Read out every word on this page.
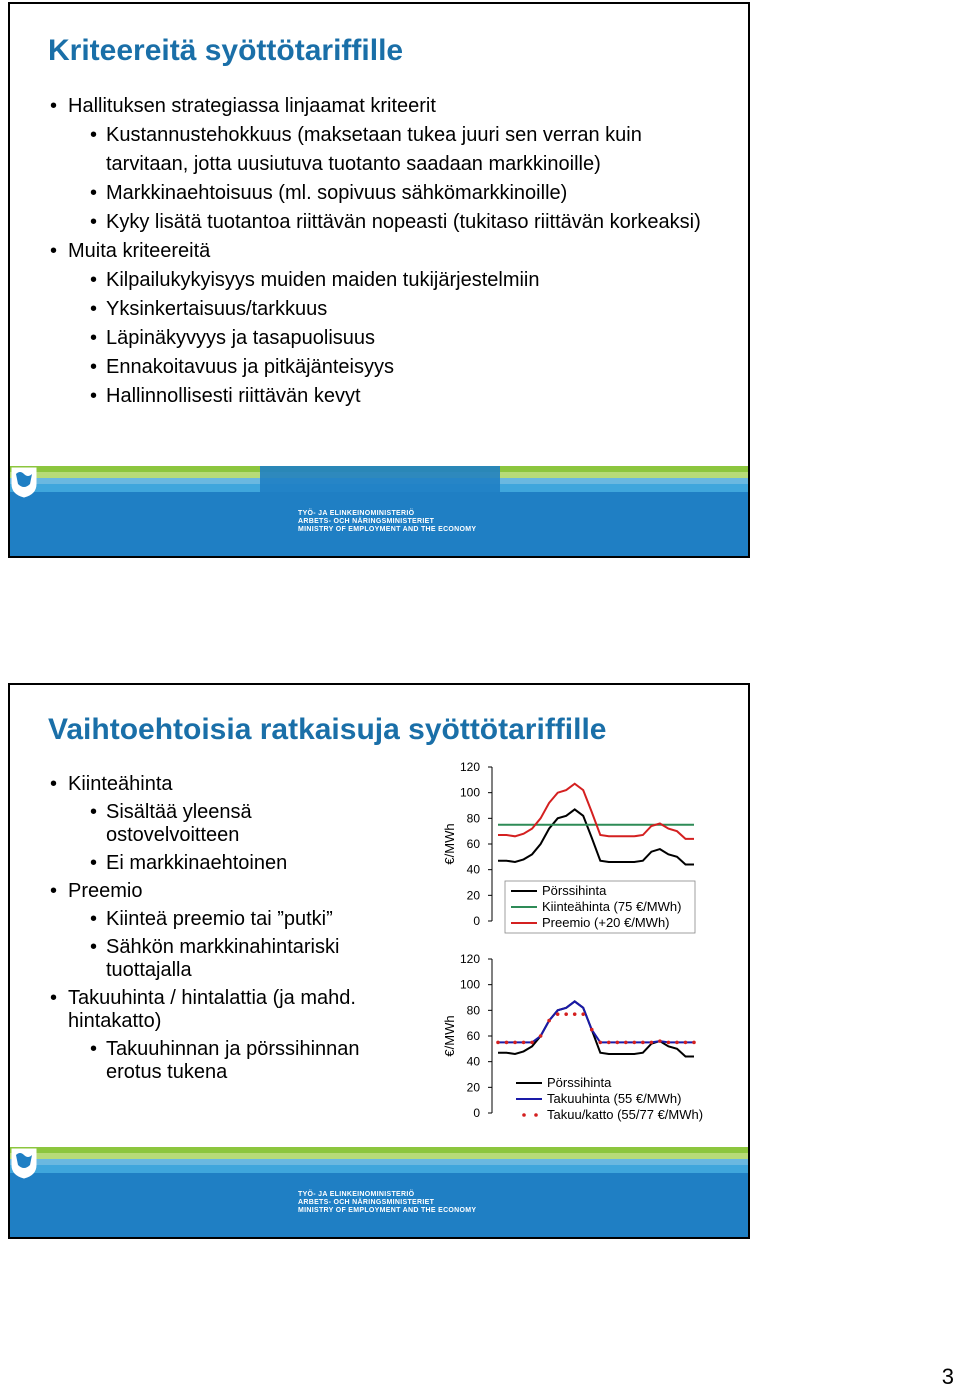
Kriteereitä syöttötariffille
• Hallituksen strategiassa linjaamat kriteerit
• Kustannustehokkuus (maksetaan tukea juuri sen verran kuin tarvitaan, jotta uusiutuva tuotanto saadaan markkinoille)
• Markkinaehtoisuus (ml. sopivuus sähkömarkkinoille)
• Kyky lisätä tuotantoa riittävän nopeasti (tukitaso riittävän korkeaksi)
• Muita kriteereitä
• Kilpailukykyisyys muiden maiden tukijärjestelmiin
• Yksinkertaisuus/tarkkuus
• Läpinäkyvyys ja tasapuolisuus
• Ennakoitavuus ja pitkäjänteisyys
• Hallinnollisesti riittävän kevyt
TYÖ- JA ELINKEINOMINISTERIÖ
ARBETS- OCH NÄRINGSMINISTERIET
MINISTRY OF EMPLOYMENT AND THE ECONOMY
Vaihtoehtoisia ratkaisuja syöttötariffille
• Kiinteähinta
• Sisältää yleensä ostovelvoitteen
• Ei markkinaehtoinen
• Preemio
• Kiinteä preemio tai ”putki”
• Sähkön markkinahintariski tuottajalla
• Takuuhinta / hintalattia (ja mahd. hintakatto)
• Takuuhinnan ja pörssihinnan erotus tukena
0
20
40
60
80
100
120
€/MWh
Pörssihinta
Kiinteähinta (75 €/MWh)
Preemio (+20 €/MWh)
0
20
40
60
80
100
120
€/MWh
Pörssihinta
Takuuhinta (55 €/MWh)
Takuu/katto (55/77 €/MWh)
TYÖ- JA ELINKEINOMINISTERIÖ
ARBETS- OCH NÄRINGSMINISTERIET
MINISTRY OF EMPLOYMENT AND THE ECONOMY
3
